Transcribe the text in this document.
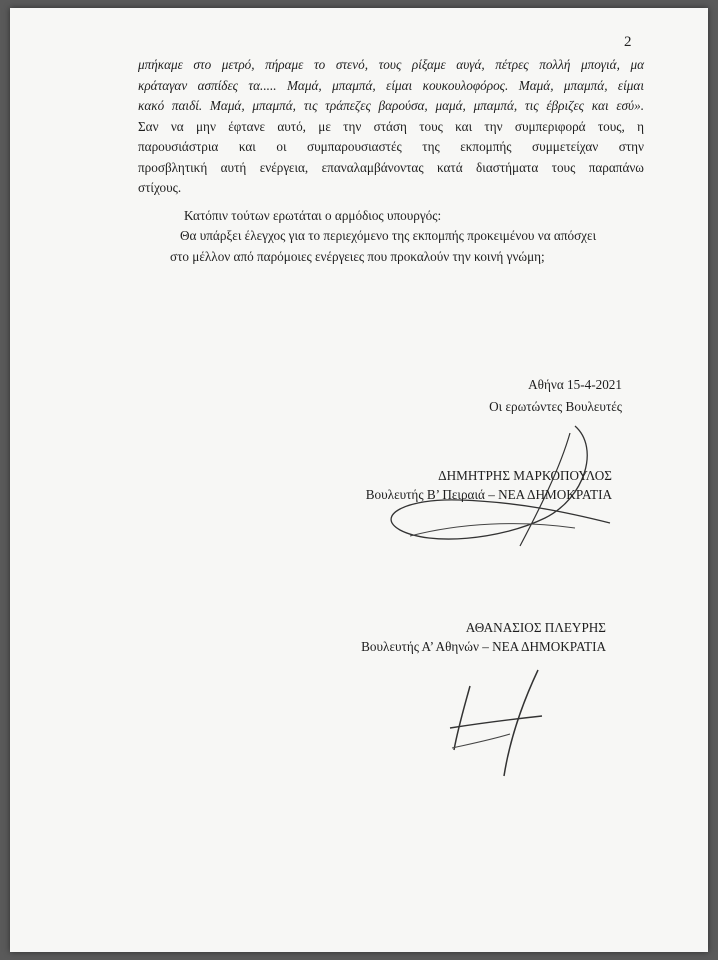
2
μπήκαμε στο μετρό, πήραμε το στενό, τους ρίξαμε αυγά, πέτρες πολλή μπογιά, μα
κράταγαν ασπίδες τα..... Μαμά, μπαμπά, είμαι κουκουλοφόρος. Μαμά, μπαμπά, είμαι
κακό παιδί. Μαμά, μπαμπά, τις τράπεζες βαρούσα, μαμά, μπαμπά, τις έβριζες και εσύ».
Σαν να μην έφτανε αυτό, με την στάση τους και την συμπεριφορά τους, η
παρουσιάστρια και οι συμπαρουσιαστές της εκπομπής συμμετείχαν στην
προσβλητική αυτή ενέργεια, επαναλαμβάνοντας κατά διαστήματα τους παραπάνω
στίχους.
Κατόπιν τούτων ερωτάται ο αρμόδιος υπουργός:
Θα υπάρξει έλεγχος για το περιεχόμενο της εκπομπής προκειμένου να απόσχει
στο μέλλον από παρόμοιες ενέργειες που προκαλούν την κοινή γνώμη;
Αθήνα 15-4-2021
Οι ερωτώντες Βουλευτές
ΔΗΜΗΤΡΗΣ ΜΑΡΚΟΠΟΥΛΟΣ
Βουλευτής Β’ Πειραιά – ΝΕΑ ΔΗΜΟΚΡΑΤΙΑ
ΑΘΑΝΑΣΙΟΣ ΠΛΕΥΡΗΣ
Βουλευτής Α’ Αθηνών – ΝΕΑ ΔΗΜΟΚΡΑΤΙΑ
